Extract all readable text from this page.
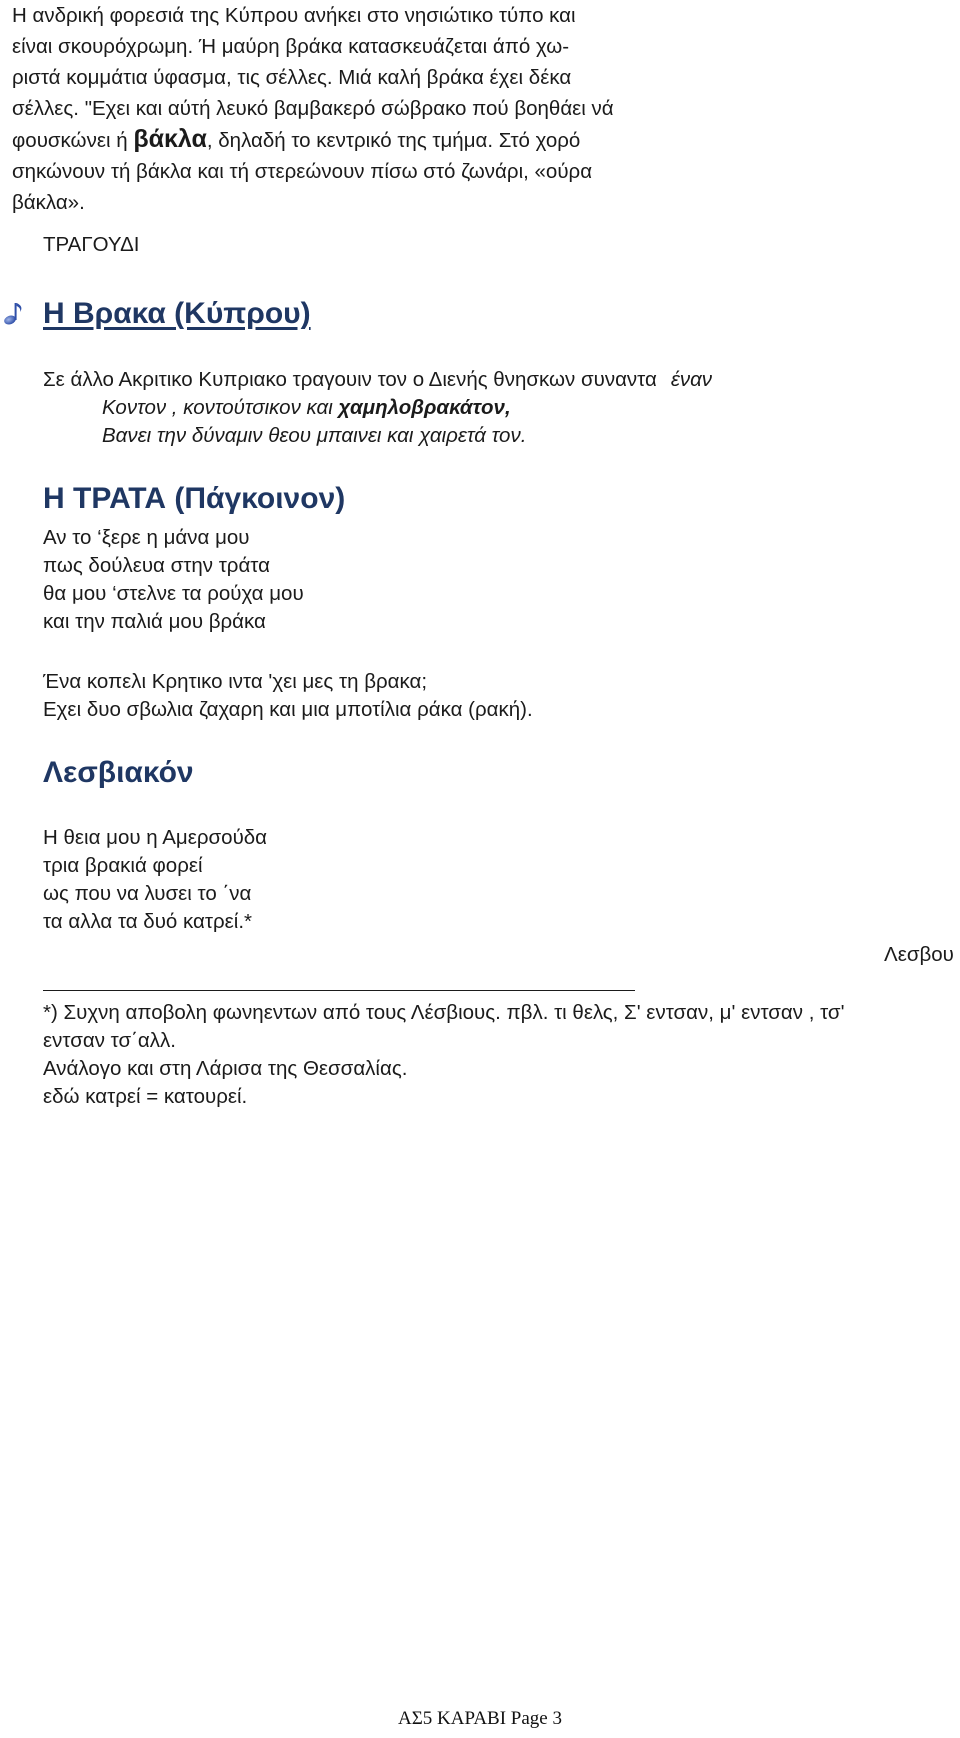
Η ανδρική φορεσιά της Κύπρου ανήκει στο νησιώτικο τύπο και
είναι σκουρόχρωμη. Ή μαύρη βράκα κατασκευάζεται άπό χω-
ριστά κομμάτια ύφασμα, τις σέλλες. Μιά καλή βράκα έχει δέκα
σέλλες. "Εχει και αύτή λευκό βαμβακερό σώβρακο πού βοηθάει νά
φουσκώνει ή βάκλα, δηλαδή το κεντρικό της τμήμα. Στό χορό
σηκώνουν τή βάκλα και τή στερεώνουν πίσω στό ζωνάρι, «ούρα
βάκλα».
ΤΡΑΓΟΥΔΙ
Η Βρακα (Κύπρου)
Σε άλλο Ακριτικο Κυπριακο τραγουιν τον ο Διενής θνησκων συναντα έναν
Κοντον , κοντούτσικον και χαμηλοβρακάτον,
Βανει την δύναμιν θεου μπαινει και χαιρετά τον.
Η ΤΡΑΤΑ (Πάγκοινον)
Αν το ‘ξερε η μάνα μου
πως δούλευα στην τράτα
θα μου ‘στελνε τα ρούχα μου
και την παλιά μου βράκα
Ένα κοπελι Κρητικο ιντα 'χει μες τη βρακα;
Εχει δυο σβωλια ζαχαρη και μια μποτίλια ράκα (ρακή).
Λεσβιακόν
Η θεια μου η Αμερσούδα
τρια βρακιά φορεί
ως που να λυσει το ΄να
τα αλλα τα δυό κατρεί.*
Λεσβου
*) Συχνη αποβολη φωνηεντων από τους Λέσβιους. πβλ. τι θελς, Σ' εντσαν, μ' εντσαν , τσ'
εντσαν τσ΄αλλ.
Ανάλογο και στη Λάρισα της Θεσσαλίας.
εδώ κατρεί = κατουρεί.
ΑΣ5 ΚΑΡΑΒΙ Page 3
